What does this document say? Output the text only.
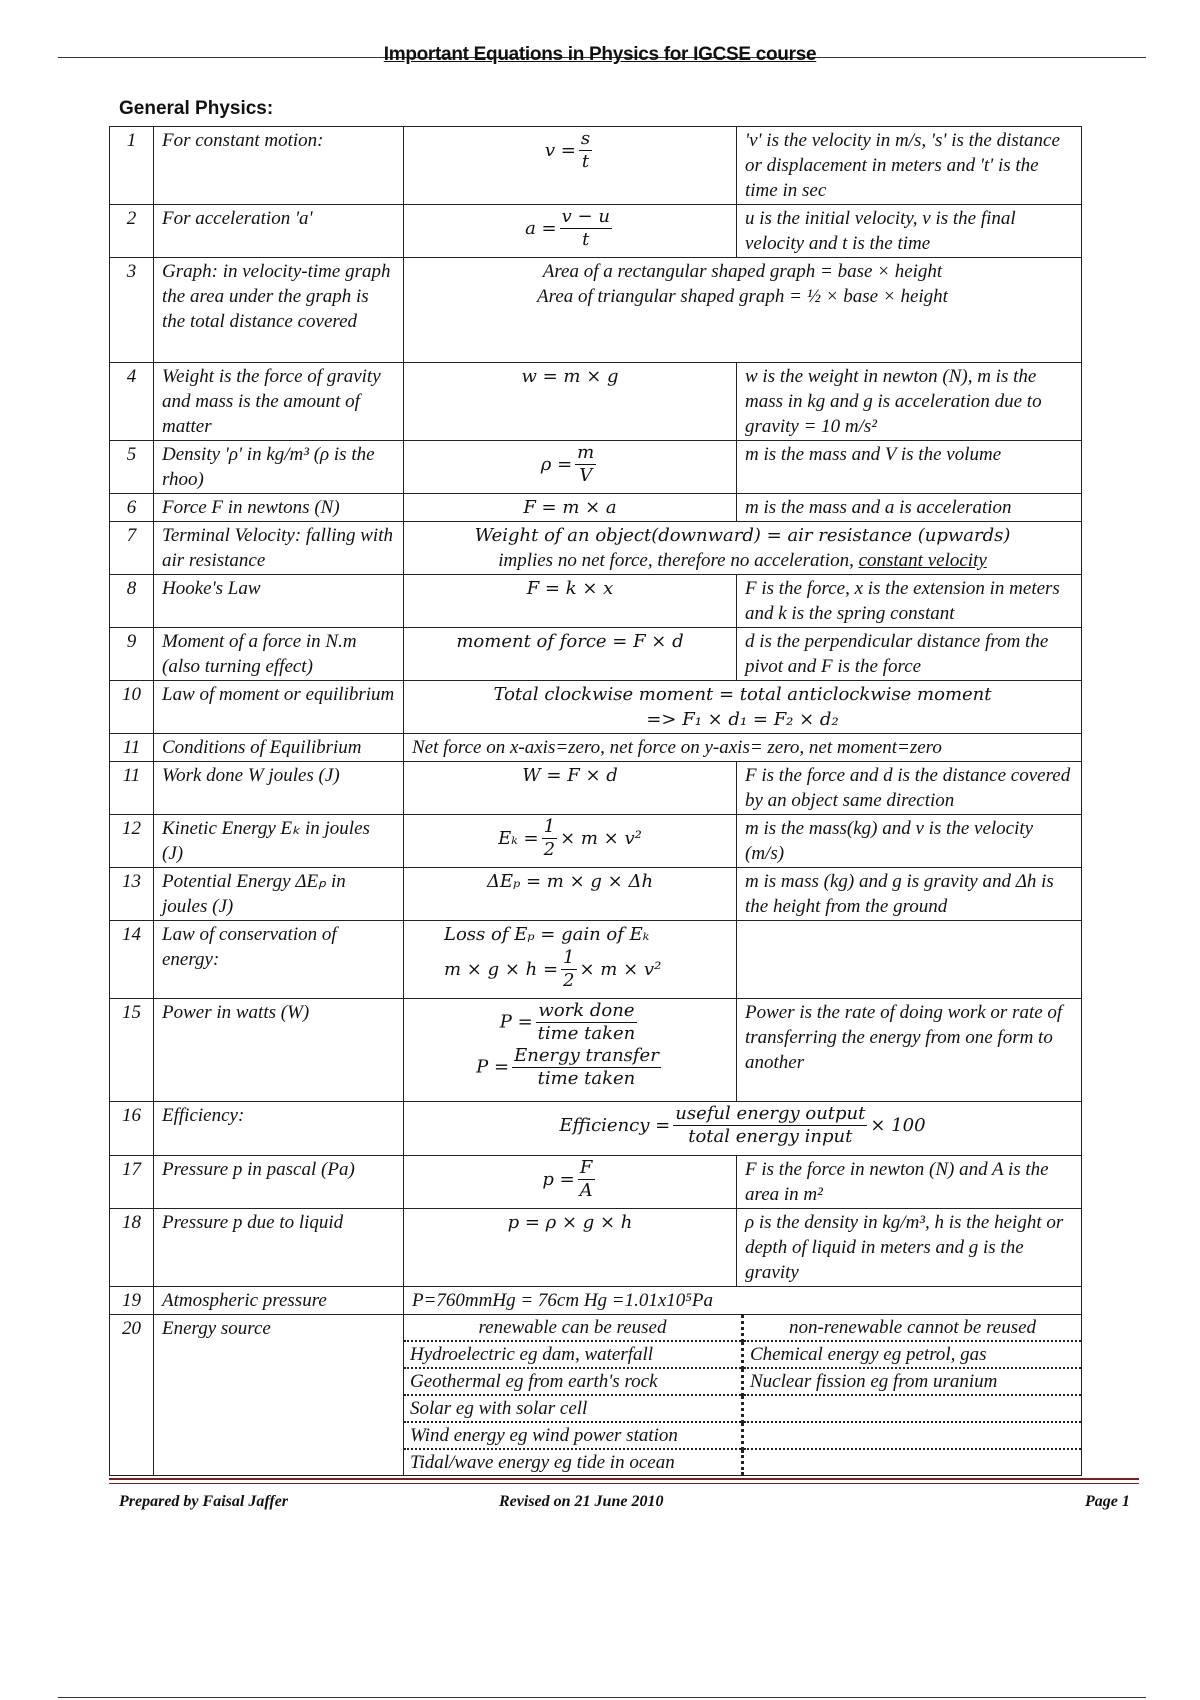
Important Equations in Physics for IGCSE course
General Physics:
1	For constant motion:	$v = \frac{s}{t}$	'v' is the velocity in m/s, 's' is the distance or displacement in meters and 't' is the time in sec
2	For acceleration 'a'	$a = \frac{v - u}{t}$	u is the initial velocity, v is the final velocity and t is the time
3	Graph: in velocity-time graph the area under the graph is the total distance covered	
Area of a rectangular shaped graph = base × height
Area of triangular shaped graph = ½ × base × height

4	Weight is the force of gravity and mass is the amount of matter	w = m × g	w is the weight in newton (N), m is the mass in kg and g is acceleration due to gravity = 10 m/s²
5	Density 'ρ' in kg/m³ (ρ is the rhoo)	$\rho = \frac{m}{V}$	m is the mass and V is the volume
6	Force F in newtons (N)	F = m × a	m is the mass and a is acceleration
7	Terminal Velocity: falling with air resistance	
Weight of an object(downward) = air resistance (upwards)
implies no net force, therefore no acceleration, constant velocity

8	Hooke's Law	F = k × x	F is the force, x is the extension in meters and k is the spring constant
9	Moment of a force in N.m (also turning effect)	moment of force = F × d	d is the perpendicular distance from the pivot and F is the force
10	Law of moment or equilibrium	Total clockwise moment = total anticlockwise moment
=> F₁ × d₁ = F₂ × d₂

11	Conditions of Equilibrium	Net force on x-axis=zero, net force on y-axis= zero, net moment=zero
11	Work done W joules (J)	W = F × d	F is the force and d is the distance covered by an object same direction
12	Kinetic Energy Eₖ in joules (J)	$E_k = \frac{1}{2} \times m \times v^2$	m is the mass(kg) and v is the velocity (m/s)
13	Potential Energy ΔEₚ in joules (J)	ΔEₚ = m × g × Δh	m is mass (kg) and g is gravity and Δh is the height from the ground
14	Law of conservation of energy:	
Loss of Eₚ = gain of Eₖ
$m \times g \times h = \frac{1}{2} \times m \times v^2$	
15	Power in watts (W)	$P = \frac{\text{work done}}{\text{time taken}}$
$P = \frac{\text{Energy transfer}}{\text{time taken}}$
	Power is the rate of doing work or rate of transferring the energy from one form to another
16	Efficiency:	Efficiency = $\frac{\text{useful energy output}}{\text{total energy input}} \times 100$
17	Pressure p in pascal (Pa)	$p = \frac{F}{A}$	F is the force in newton (N) and A is the area in m²
18	Pressure p due to liquid	p = ρ × g × h	ρ is the density in kg/m³, h is the height or depth of liquid in meters and g is the gravity
19	Atmospheric pressure	P=760mmHg = 76cm Hg =1.01x10⁵Pa
20	Energy source		renewable can be reused	non-renewable cannot be reused
Hydroelectric eg dam, waterfall	Chemical energy eg petrol, gas
Geothermal eg from earth's rock	Nuclear fission eg from uranium
Solar eg with solar cell	
Wind energy eg wind power station	
Tidal/wave energy eg tide in ocean	
Prepared by Faisal Jaffer	Revised on 21 June 2010	Page 1
